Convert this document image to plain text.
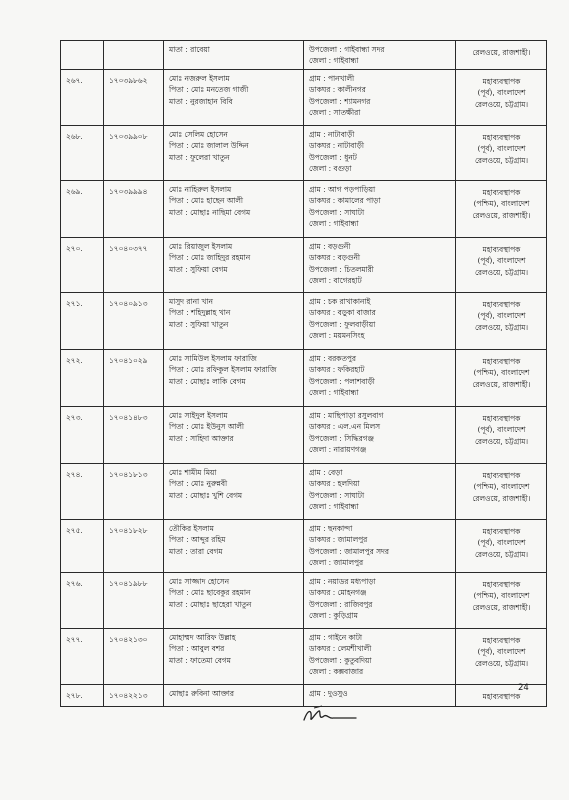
		মাতা : রাবেয়া	উপজেলা : গাইবান্ধা সদর
জেলা : গাইবান্ধা	রেলওয়ে, রাজশাহী।

২৬৭.	১৭০৩৯৮৬২	মোঃ নজরুল ইসলাম
পিতা : মোঃ মনতেজ গাজী
মাতা : নুরজাহান বিবি	গ্রাম : পানখালী
ডাকঘর : কালীনগর
উপজেলা : শ্যামনগর
জেলা : সাতক্ষীরা	মহাব্যবস্থাপক
(পূর্ব), বাংলাদেশ
রেলওয়ে, চট্টগ্রাম।

২৬৮.	১৭০৩৯৯০৮	মোঃ সেলিম হোসেন
পিতা : মোঃ জালাল উদ্দিন
মাতা : ফুলেরা খাতুন	গ্রাম : নাটাবাড়ী
ডাকঘর : নাটাবাড়ী
উপজেলা : ধুনট
জেলা : বগুড়া	মহাব্যবস্থাপক
(পূর্ব), বাংলাদেশ
রেলওয়ে, চট্টগ্রাম।

২৬৯.	১৭০৩৯৯৯৪	মোঃ নাহিরুল ইসলাম
পিতা : মোঃ হাছেন আলী
মাতা : মোছাঃ নাছিমা বেগম	গ্রাম : আগ পড়পাড়িয়া
ডাকঘর : কামালের পাড়া
উপজেলা : সাঘাটা
জেলা : গাইবান্ধা	মহাব্যবস্থাপক
(পশ্চিম), বাংলাদেশ
রেলওয়ে, রাজশাহী।

২৭০.	১৭০৪০৩৭৭	মোঃ রিয়াজুল ইসলাম
পিতা : মোঃ জাহিদুর রহমান
মাতা : সুফিয়া বেগম	গ্রাম : বড়গুনী
ডাকঘর : বড়গুনী
উপজেলা : চিতলমারী
জেলা : বাগেরহাট	মহাব্যবস্থাপক
(পূর্ব), বাংলাদেশ
রেলওয়ে, চট্টগ্রাম।

২৭১.	১৭০৪০৯১৩	মাসুদ রানা খান
পিতা : শহিদুল্লাহ খান
মাতা : সুফিয়া খাতুন	গ্রাম : চক রাখাকানাই
ডাকঘর : বড়ুকা বাজার
উপজেলা : ফুলবাড়ীয়া
জেলা : ময়মনসিংহ	মহাব্যবস্থাপক
(পূর্ব), বাংলাদেশ
রেলওয়ে, চট্টগ্রাম।

২৭২.	১৭০৪১০২৯	মোঃ সামিউল ইসলাম ফারাজি
পিতা : মোঃ রফিকুল ইসলাম ফারাজি
মাতা : মোছাঃ লাকি বেগম	গ্রাম : বরকতপুর
ডাকঘর : ফকিরহাট
উপজেলা : পলাশবাড়ী
জেলা : গাইবান্ধা	মহাব্যবস্থাপক
(পশ্চিম), বাংলাদেশ
রেলওয়ে, রাজশাহী।

২৭৩.	১৭০৪১৪৮৩	মোঃ সাইদুল ইসলাম
পিতা : মোঃ ইউনুস আলী
মাতা : সাহিদা আক্তার	গ্রাম : মাছিপাড়া রসুলবাগ
ডাকঘর : এল.এন মিলস
উপজেলা : সিদ্ধিরগঞ্জ
জেলা : নারায়ণগঞ্জ	মহাব্যবস্থাপক
(পূর্ব), বাংলাদেশ
রেলওয়ে, চট্টগ্রাম।

২৭৪.	১৭০৪১৮১৩	মোঃ শামীম মিয়া
পিতা : মোঃ নুরুন্নবী
মাতা : মোছাঃ খুশি বেগম	গ্রাম : বেড়া
ডাকঘর : হলদিয়া
উপজেলা : সাঘাটা
জেলা : গাইবান্ধা	মহাব্যবস্থাপক
(পশ্চিম), বাংলাদেশ
রেলওয়ে, রাজশাহী।

২৭৫.	১৭০৪১৮২৮	তৌকির ইসলাম
পিতা : আব্দুর রহিম
মাতা : তারা বেগম	গ্রাম : ছনকান্দা
ডাকঘর : জামালপুর
উপজেলা : জামালপুর সদর
জেলা : জামালপুর	মহাব্যবস্থাপক
(পূর্ব), বাংলাদেশ
রেলওয়ে, চট্টগ্রাম।

২৭৬.	১৭০৪১৯৮৮	মোঃ সাজ্জাদ হোসেন
পিতা : মোঃ ছাবেকুর রহমান
মাতা : মোছাঃ ছাহেরা খাতুন	গ্রাম : নয়াডর মধ্যপাড়া
ডাকঘর : মোহনগঞ্জ
উপজেলা : রাজিবপুর
জেলা : কুড়িগ্রাম	মহাব্যবস্থাপক
(পশ্চিম), বাংলাদেশ
রেলওয়ে, রাজশাহী।

২৭৭.	১৭০৪২১৩০	মোহাম্মদ আরিফ উল্লাহ
পিতা : আবুল বশর
মাতা : ফাতেমা বেগম	গ্রাম : গাইনে কাটা
ডাকঘর : লেমশীখালী
উপজেলা : কুতুবদিয়া
জেলা : কক্সবাজার	মহাব্যবস্থাপক
(পূর্ব), বাংলাদেশ
রেলওয়ে, চট্টগ্রাম।

২৭৮.	১৭০৪২২১৩	মোছাঃ রুবিনা আক্তার	গ্রাম : দুওসুও	মহাব্যবস্থাপক
24
